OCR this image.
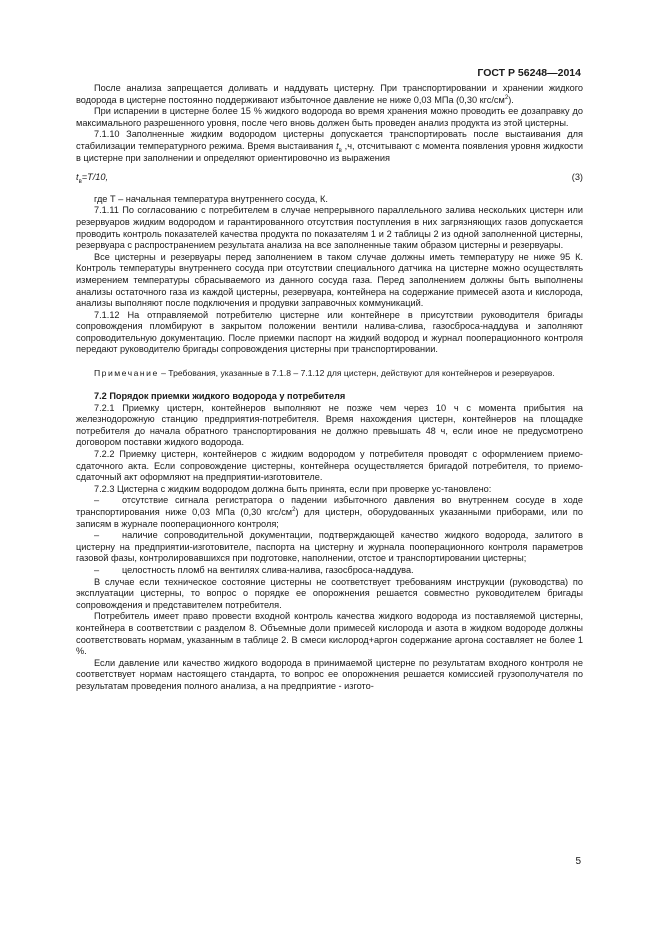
ГОСТ Р 56248—2014

После анализа запрещается доливать и наддувать цистерну. При транспортировании и хранении жидкого водорода в цистерне постоянно поддерживают избыточное давление не ниже 0,03 МПа (0,30 кгс/$см^2$).

При испарении в цистерне более 15 % жидкого водорода во время хранения можно проводить ее дозаправку до максимального разрешенного уровня, после чего вновь должен быть проведен анализ продукта из этой цистерны.

7.1.10 Заполненные жидким водородом цистерны допускается транспортировать после выстаивания для стабилизации температурного режима. Время выстаивания $t_в$ ,ч, отсчитывают с момента появления уровня жидкости в цистерне при заполнении и определяют ориентировочно из выражения

$t_в=T/10$,	(3)

где Т – начальная температура внутреннего сосуда, К.

7.1.11 По согласованию с потребителем в случае непрерывного параллельного залива нескольких цистерн или резервуаров жидким водородом и гарантированного отсутствия поступления в них загрязняющих газов допускается проводить контроль показателей качества продукта по показателям 1 и 2 таблицы 2 из одной заполненной цистерны, резервуара с распространением результата анализа на все заполненные таким образом цистерны и резервуары.

Все цистерны и резервуары перед заполнением в таком случае должны иметь температуру не ниже 95 К. Контроль температуры внутреннего сосуда при отсутствии специального датчика на цистерне можно осуществлять измерением температуры сбрасываемого из данного сосуда газа. Перед заполнением должны быть выполнены анализы остаточного газа из каждой цистерны, резервуара, контейнера на содержание примесей азота и кислорода, анализы выполняют после подключения и продувки заправочных коммуникаций.

7.1.12 На отправляемой потребителю цистерне или контейнере в присутствии руководителя бригады сопровождения пломбируют в закрытом положении вентили налива-слива, газосброса-наддува и заполняют сопроводительную документацию. После приемки паспорт на жидкий водород и журнал пооперационного контроля передают руководителю бригады сопровождения цистерны при транспортировании.

Примечание – Требования, указанные в 7.1.8 – 7.1.12 для цистерн, действуют для контейнеров и резервуаров.

7.2 Порядок приемки жидкого водорода у потребителя

7.2.1 Приемку цистерн, контейнеров выполняют не позже чем через 10 ч с момента прибытия на железнодорожную станцию предприятия-потребителя. Время нахождения цистерн, контейнеров на площадке потребителя до начала обратного транспортирования не должно превышать 48 ч, если иное не предусмотрено договором поставки жидкого водорода.

7.2.2 Приемку цистерн, контейнеров с жидким водородом у потребителя проводят с оформлением приемо-сдаточного акта. Если сопровождение цистерны, контейнера осуществляется бригадой потребителя, то приемо-сдаточный акт оформляют на предприятии-изготовителе.

7.2.3 Цистерна с жидким водородом должна быть принята, если при проверке ус-тановлено:

– отсутствие сигнала регистратора о падении избыточного давления во внутреннем сосуде в ходе транспортирования ниже 0,03 МПа (0,30 кгс/$см^2$) для цистерн, оборудованных указанными приборами, или по записям в журнале пооперационного контроля;

– наличие сопроводительной документации, подтверждающей качество жидкого водорода, залитого в цистерну на предприятии-изготовителе, паспорта на цистерну и журнала пооперационного контроля параметров газовой фазы, контролировавшихся при подготовке, наполнении, отстое и транспортировании цистерны;

– целостность пломб на вентилях слива-налива, газосброса-наддува.

В случае если техническое состояние цистерны не соответствует требованиям инструкции (руководства) по эксплуатации цистерны, то вопрос о порядке ее опорожнения решается совместно руководителем бригады сопровождения и представителем потребителя.

Потребитель имеет право провести входной контроль качества жидкого водорода из поставляемой цистерны, контейнера в соответствии с разделом 8. Объемные доли примесей кислорода и азота в жидком водороде должны соответствовать нормам, указанным в таблице 2. В смеси кислород+аргон содержание аргона составляет не более 1 %.

Если давление или качество жидкого водорода в принимаемой цистерне по результатам входного контроля не соответствует нормам настоящего стандарта, то вопрос ее опорожнения решается комиссией грузополучателя по результатам проведения полного анализа, а на предприятие - изгото-

5
